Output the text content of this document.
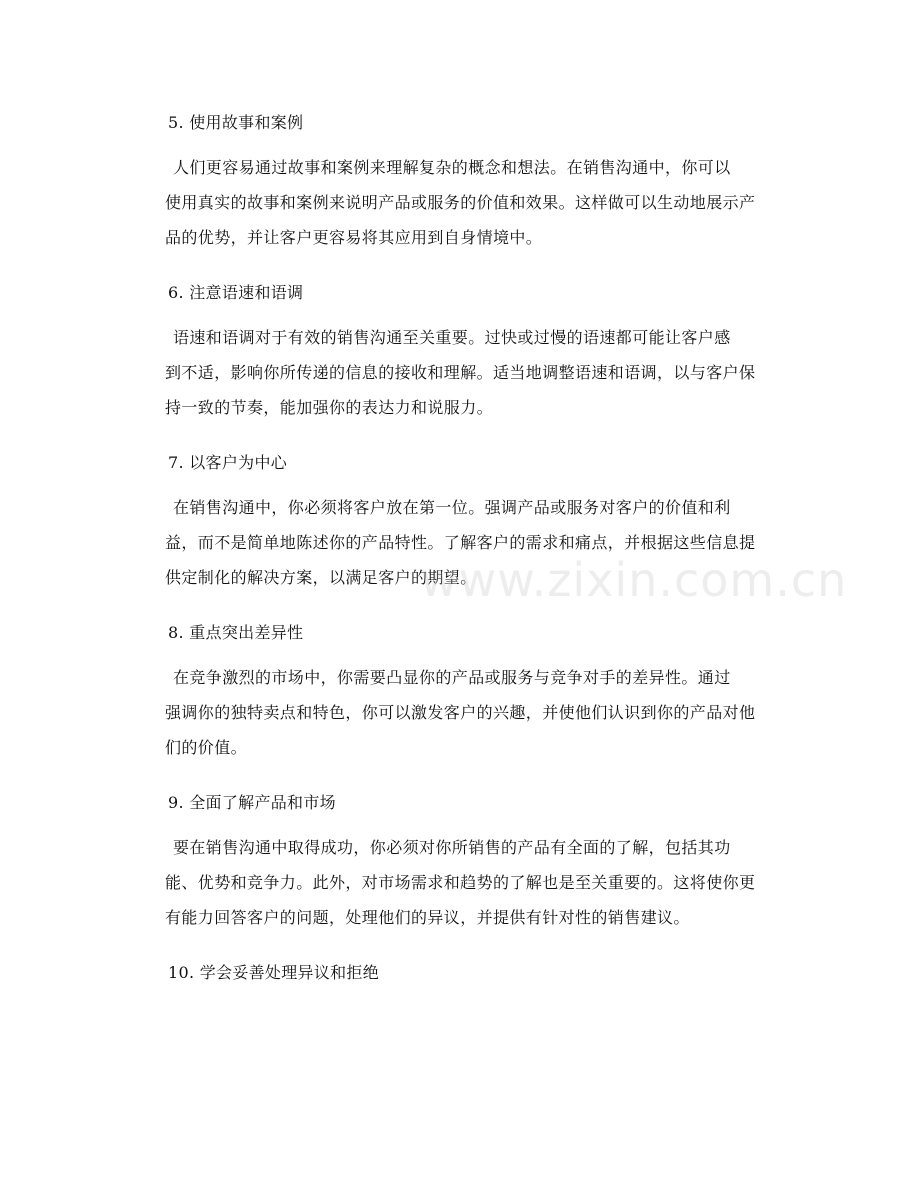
5. 使用故事和案例
人们更容易通过故事和案例来理解复杂的概念和想法。在销售沟通中，你可以
使用真实的故事和案例来说明产品或服务的价值和效果。这样做可以生动地展示产
品的优势，并让客户更容易将其应用到自身情境中。
6. 注意语速和语调
语速和语调对于有效的销售沟通至关重要。过快或过慢的语速都可能让客户感
到不适，影响你所传递的信息的接收和理解。适当地调整语速和语调，以与客户保
持一致的节奏，能加强你的表达力和说服力。
7. 以客户为中心
在销售沟通中，你必须将客户放在第一位。强调产品或服务对客户的价值和利
益，而不是简单地陈述你的产品特性。了解客户的需求和痛点，并根据这些信息提
供定制化的解决方案，以满足客户的期望。
8. 重点突出差异性
在竞争激烈的市场中，你需要凸显你的产品或服务与竞争对手的差异性。通过
强调你的独特卖点和特色，你可以激发客户的兴趣，并使他们认识到你的产品对他
们的价值。
9. 全面了解产品和市场
要在销售沟通中取得成功，你必须对你所销售的产品有全面的了解，包括其功
能、优势和竞争力。此外，对市场需求和趋势的了解也是至关重要的。这将使你更
有能力回答客户的问题，处理他们的异议，并提供有针对性的销售建议。
10. 学会妥善处理异议和拒绝
www.zixin.com.cn
